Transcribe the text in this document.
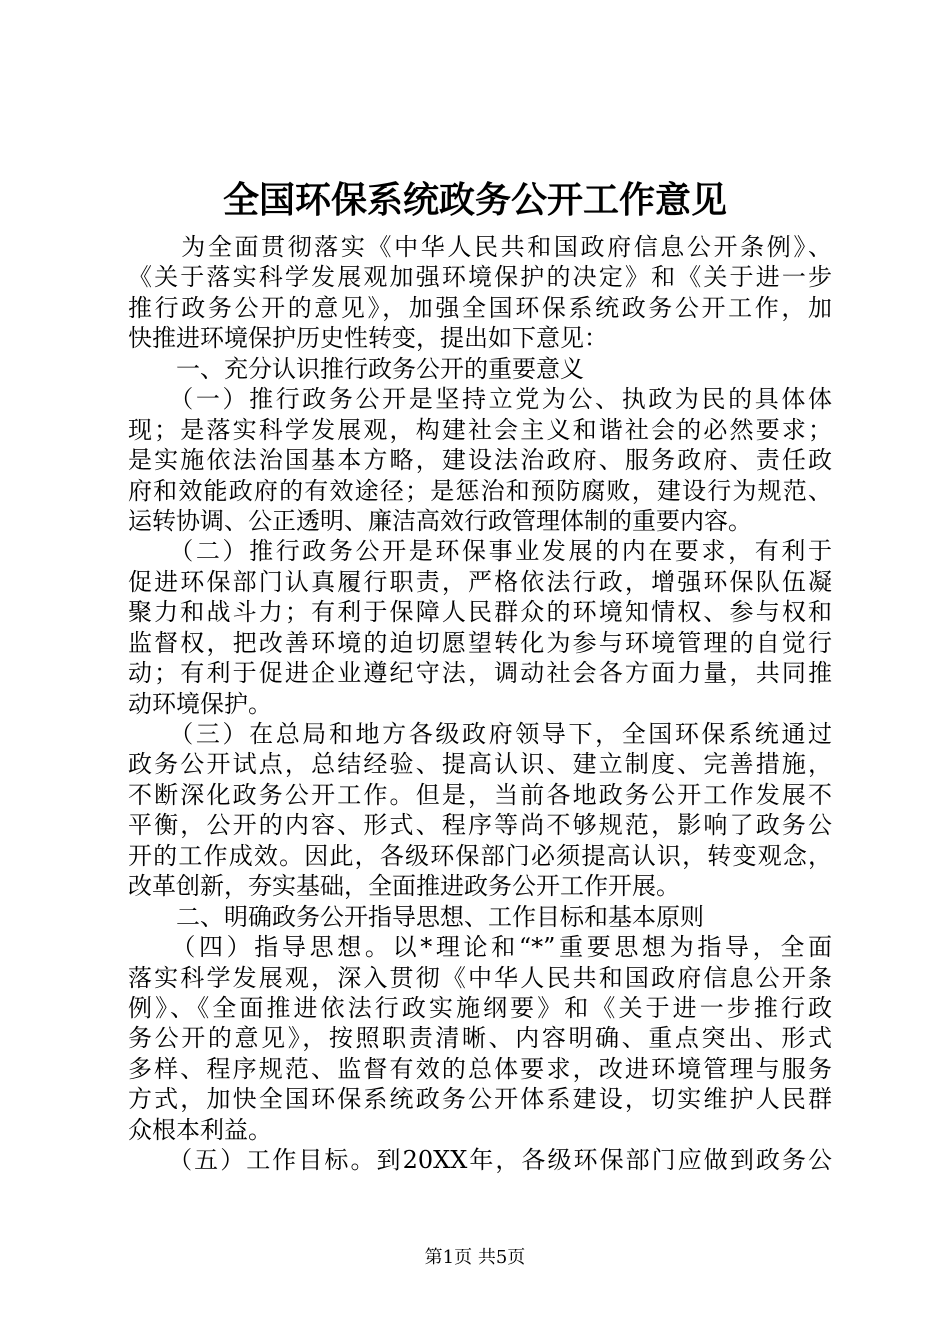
全国环保系统政务公开工作意见
　　为全面贯彻落实《中华人民共和国政府信息公开条例》、
《关于落实科学发展观加强环境保护的决定》和《关于进一步
推行政务公开的意见》，加强全国环保系统政务公开工作，加
快推进环境保护历史性转变，提出如下意见：
　　一、充分认识推行政务公开的重要意义
　　（一）推行政务公开是坚持立党为公、执政为民的具体体
现；是落实科学发展观，构建社会主义和谐社会的必然要求；
是实施依法治国基本方略，建设法治政府、服务政府、责任政
府和效能政府的有效途径；是惩治和预防腐败，建设行为规范、
运转协调、公正透明、廉洁高效行政管理体制的重要内容。
　　（二）推行政务公开是环保事业发展的内在要求，有利于
促进环保部门认真履行职责，严格依法行政，增强环保队伍凝
聚力和战斗力；有利于保障人民群众的环境知情权、参与权和
监督权，把改善环境的迫切愿望转化为参与环境管理的自觉行
动；有利于促进企业遵纪守法，调动社会各方面力量，共同推
动环境保护。
　　（三）在总局和地方各级政府领导下，全国环保系统通过
政务公开试点，总结经验、提高认识、建立制度、完善措施，
不断深化政务公开工作。但是，当前各地政务公开工作发展不
平衡，公开的内容、形式、程序等尚不够规范，影响了政务公
开的工作成效。因此，各级环保部门必须提高认识，转变观念，
改革创新，夯实基础，全面推进政务公开工作开展。
　　二、明确政务公开指导思想、工作目标和基本原则
　　（四）指导思想。以*理论和“*”重要思想为指导，全面
落实科学发展观，深入贯彻《中华人民共和国政府信息公开条
例》、《全面推进依法行政实施纲要》和《关于进一步推行政
务公开的意见》，按照职责清晰、内容明确、重点突出、形式
多样、程序规范、监督有效的总体要求，改进环境管理与服务
方式，加快全国环保系统政务公开体系建设，切实维护人民群
众根本利益。
　　（五）工作目标。到20XX年，各级环保部门应做到政务公
第1页 共5页
